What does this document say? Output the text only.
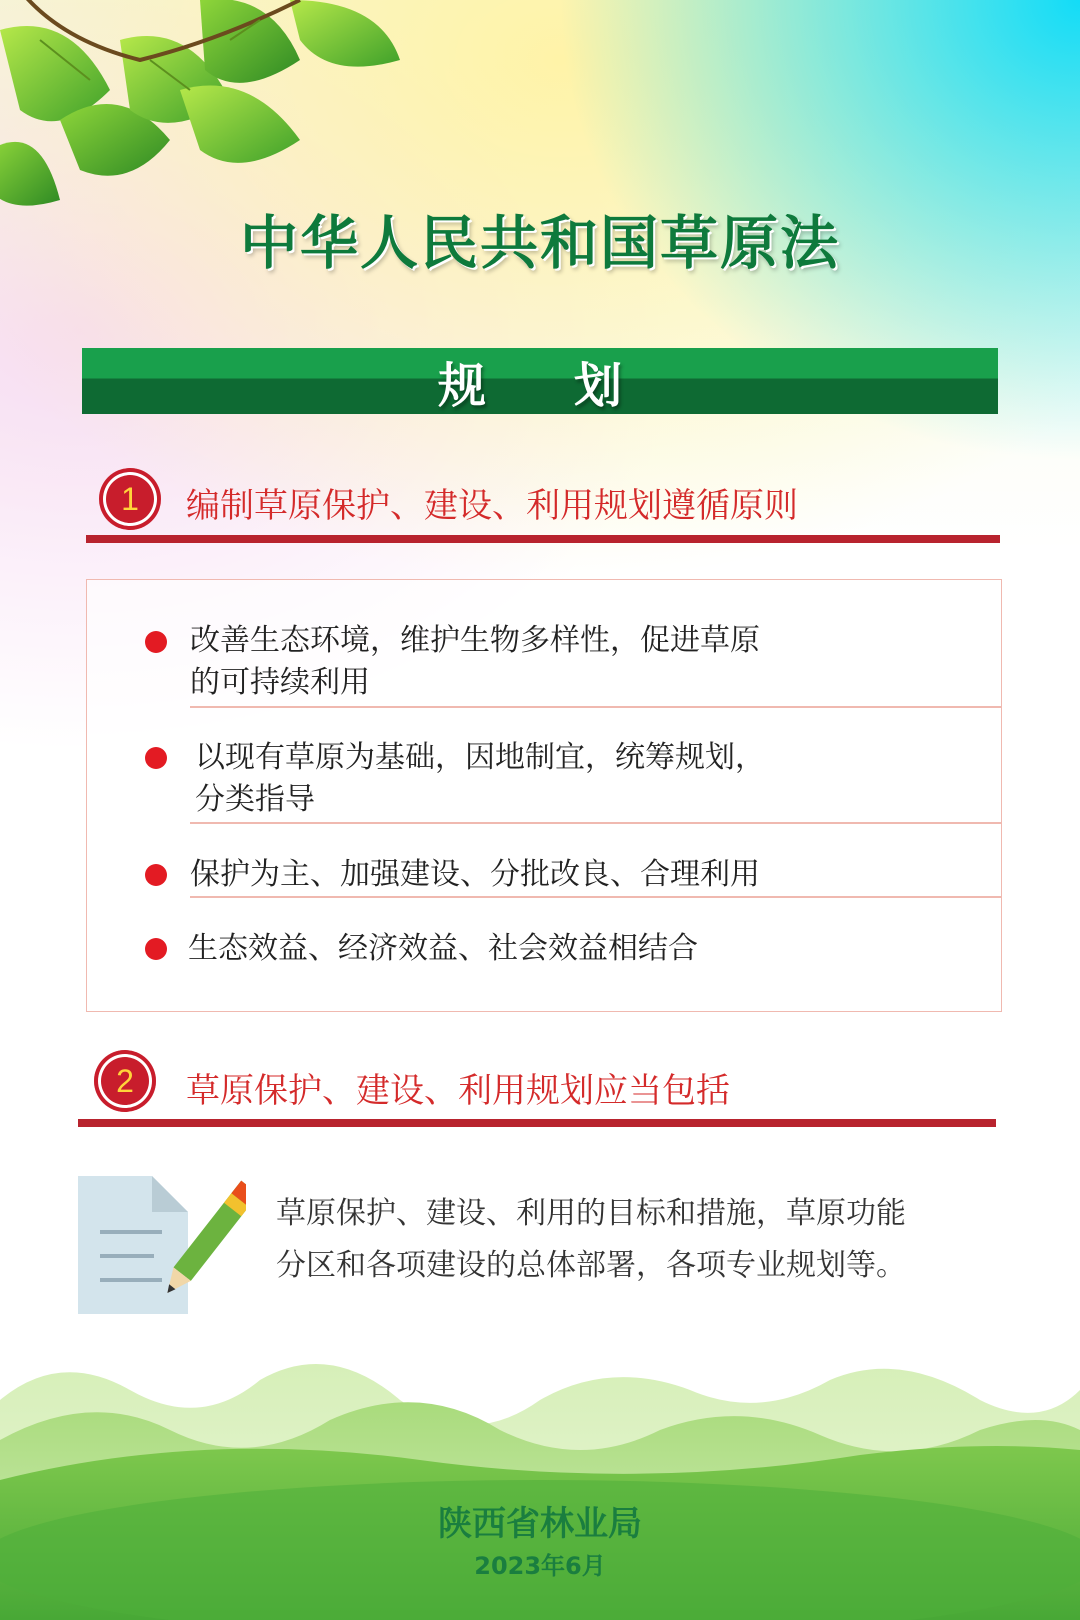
中华人民共和国草原法
规　划
1	编制草原保护、建设、利用规划遵循原则
改善生态环境，维护生物多样性，促进草原
的可持续利用
以现有草原为基础，因地制宜，统筹规划，
分类指导
保护为主、加强建设、分批改良、合理利用
生态效益、经济效益、社会效益相结合
2	草原保护、建设、利用规划应当包括
草原保护、建设、利用的目标和措施，草原功能
分区和各项建设的总体部署，各项专业规划等。
陕西省林业局
2023年6月
